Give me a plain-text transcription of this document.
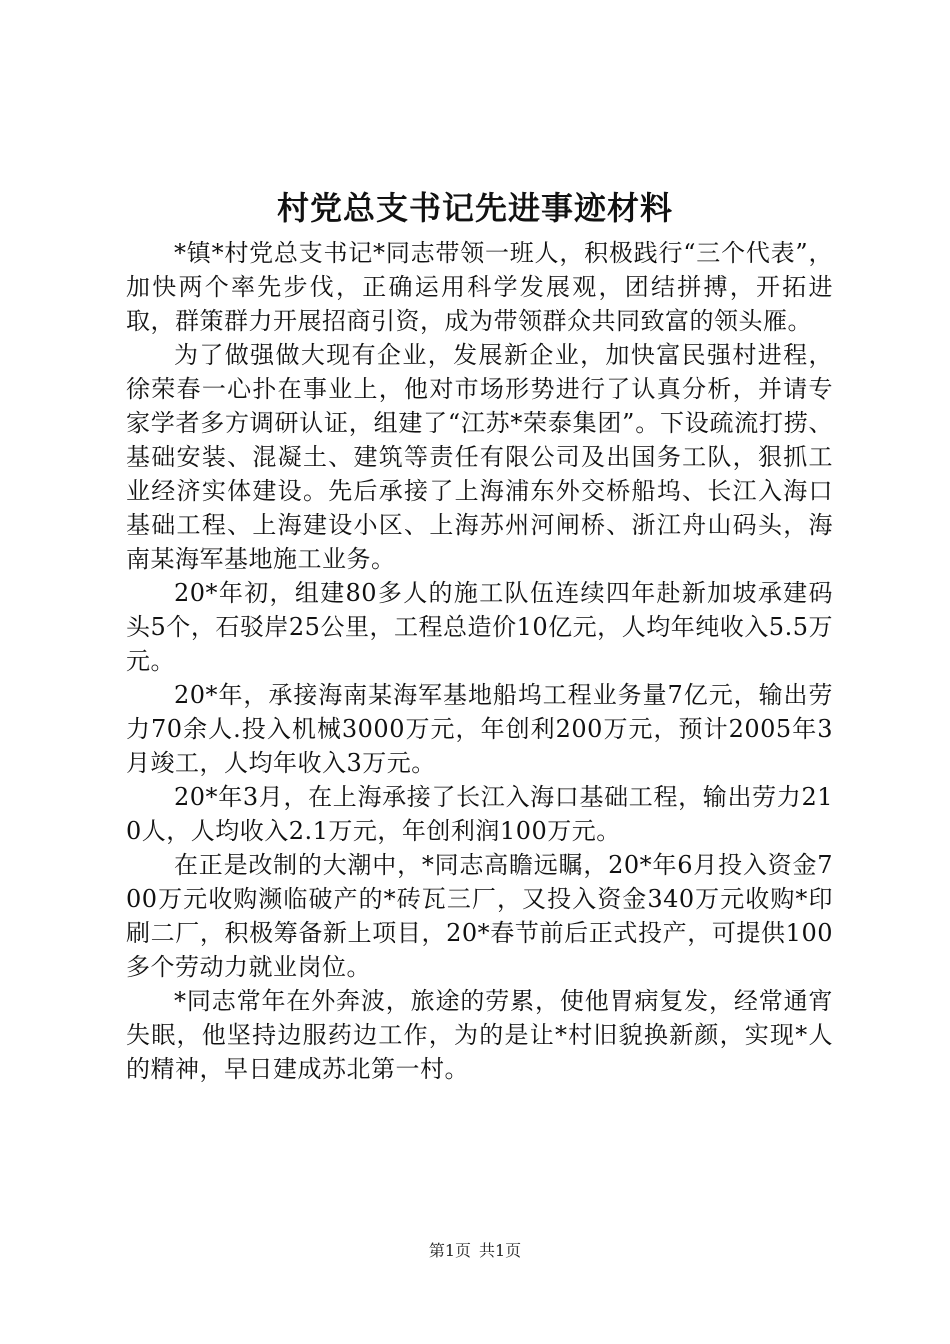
村党总支书记先进事迹材料

*镇*村党总支书记*同志带领一班人，积极践行“三个代表”，加快两个率先步伐，正确运用科学发展观，团结拼搏，开拓进取，群策群力开展招商引资，成为带领群众共同致富的领头雁。

为了做强做大现有企业，发展新企业，加快富民强村进程，徐荣春一心扑在事业上，他对市场形势进行了认真分析，并请专家学者多方调研认证，组建了“江苏*荣泰集团”。下设疏流打捞、基础安装、混凝土、建筑等责任有限公司及出国务工队，狠抓工业经济实体建设。先后承接了上海浦东外交桥船坞、长江入海口基础工程、上海建设小区、上海苏州河闸桥、浙江舟山码头，海南某海军基地施工业务。

20*年初，组建80多人的施工队伍连续四年赴新加坡承建码头5个，石驳岸25公里，工程总造价10亿元，人均年纯收入5.5万元。

20*年，承接海南某海军基地船坞工程业务量7亿元，输出劳力70余人.投入机械3000万元，年创利200万元，预计2005年3月竣工，人均年收入3万元。

20*年3月，在上海承接了长江入海口基础工程，输出劳力210人，人均收入2.1万元，年创利润100万元。

在正是改制的大潮中，*同志高瞻远瞩，20*年6月投入资金700万元收购濒临破产的*砖瓦三厂，又投入资金340万元收购*印刷二厂，积极筹备新上项目，20*春节前后正式投产，可提供100多个劳动力就业岗位。

*同志常年在外奔波，旅途的劳累，使他胃病复发，经常通宵失眠，他坚持边服药边工作，为的是让*村旧貌换新颜，实现*人的精神，早日建成苏北第一村。

第1页 共1页
